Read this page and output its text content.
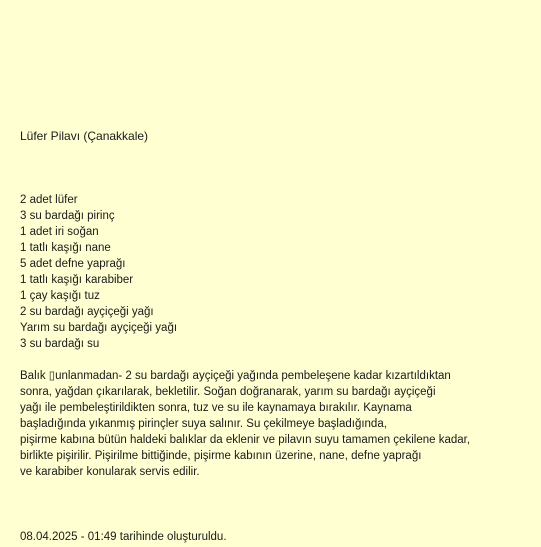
Lüfer Pilavı (Çanakkale)
2 adet lüfer
3 su bardağı pirinç
1 adet iri soğan
1 tatlı kaşığı nane
5 adet defne yaprağı
1 tatlı kaşığı karabiber
1 çay kaşığı tuz
2 su bardağı ayçiçeği yağı
Yarım su bardağı ayçiçeği yağı
3 su bardağı su
Balık ▯unlanmadan- 2 su bardağı ayçiçeği yağında pembeleşene kadar kızartıldıktan
sonra, yağdan çıkarılarak, bekletilir. Soğan doğranarak, yarım su bardağı ayçiçeği
yağı ile pembeleştirildikten sonra, tuz ve su ile kaynamaya bırakılır. Kaynama
başladığında yıkanmış pirinçler suya salınır. Su çekilmeye başladığında,
pişirme kabına bütün haldeki balıklar da eklenir ve pilavın suyu tamamen çekilene kadar,
birlikte pişirilir. Pişirilme bittiğinde, pişirme kabının üzerine, nane, defne yaprağı
ve karabiber konularak servis edilir.
08.04.2025 - 01:49 tarihinde oluşturuldu.
